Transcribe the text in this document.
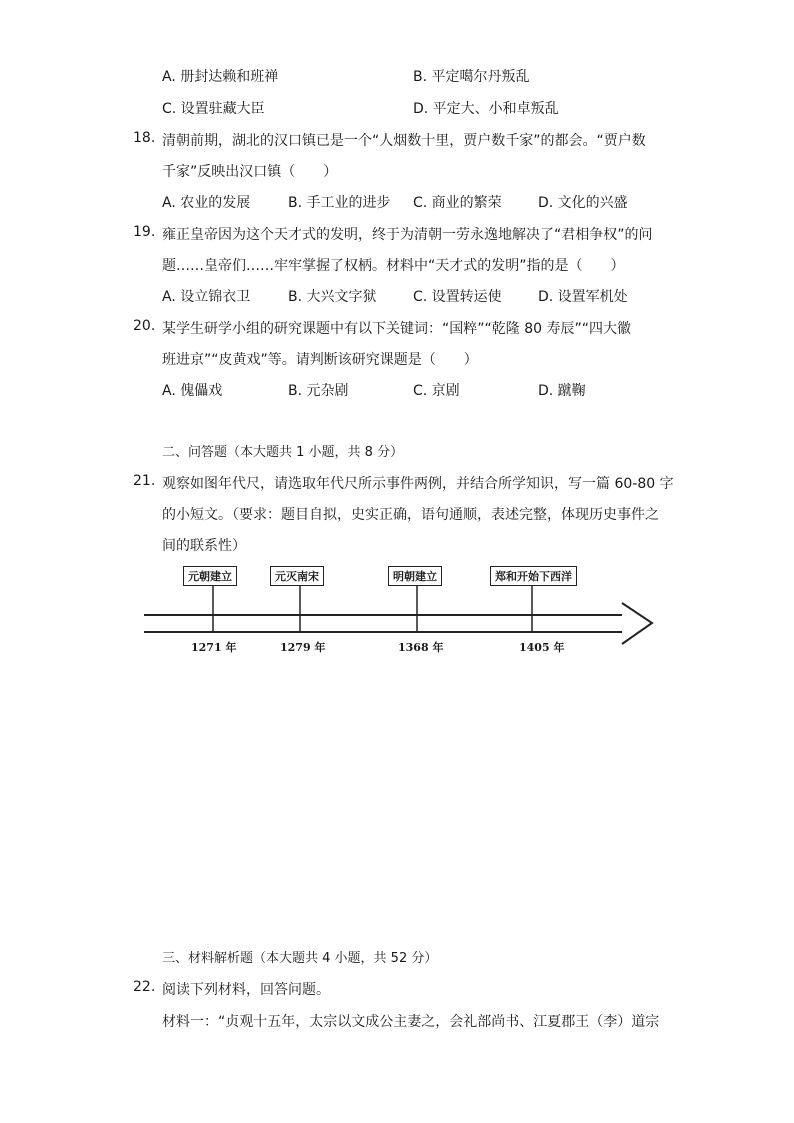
A. 册封达赖和班禅	B. 平定噶尔丹叛乱
C. 设置驻藏大臣	D. 平定大、小和卓叛乱
18. 清朝前期，湖北的汉口镇已是一个“人烟数十里，贾户数千家”的都会。“贾户数
千家”反映出汉口镇（　　）
A. 农业的发展	B. 手工业的进步 C. 商业的繁荣	D. 文化的兴盛
19. 雍正皇帝因为这个天才式的发明，终于为清朝一劳永逸地解决了“君相争权”的问
题……皇帝们……牢牢掌握了权柄。材料中“天才式的发明”指的是（　　）
A. 设立锦衣卫	B. 大兴文字狱	C. 设置转运使	D. 设置军机处
20. 某学生研学小组的研究课题中有以下关键词：“国粹”“乾隆 80 寿辰”“四大徽
班进京”“皮黄戏”等。请判断该研究课题是（　　）
A. 傀儡戏	B. 元杂剧	C. 京剧	D. 蹴鞠
二、问答题（本大题共 1 小题，共 8 分）
21. 观察如图年代尺，请选取年代尺所示事件两例，并结合所学知识，写一篇 60-80 字
的小短文。（要求：题目自拟，史实正确，语句通顺，表述完整，体现历史事件之
间的联系性）
元朝建立	元灭南宋	明朝建立	郑和开始下西洋
1271 年	1279 年	1368 年	1405 年
三、材料解析题（本大题共 4 小题，共 52 分）
22. 阅读下列材料，回答问题。
材料一：“贞观十五年，太宗以文成公主妻之，会礼部尚书、江夏郡王（李）道宗
